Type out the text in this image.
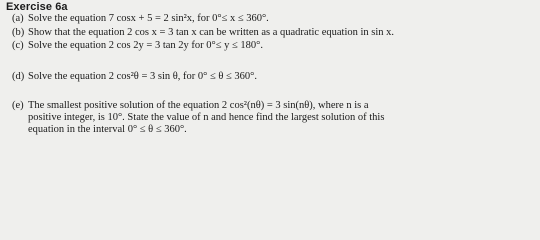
Exercise 6a
(a) Solve the equation 7 cosx + 5 = 2 sin²x, for 0°≤ x ≤ 360°.
(b) Show that the equation 2 cos x = 3 tan x can be written as a quadratic equation in sin x.
(c) Solve the equation 2 cos 2y = 3 tan 2y for 0°≤ y ≤ 180°.
(d) Solve the equation 2 cos²θ = 3 sin θ, for 0° ≤ θ ≤ 360°.
(e) The smallest positive solution of the equation 2 cos²(nθ) = 3 sin(nθ), where n is a
positive integer, is 10°. State the value of n and hence find the largest solution of this
equation in the interval 0° ≤ θ ≤ 360°.
